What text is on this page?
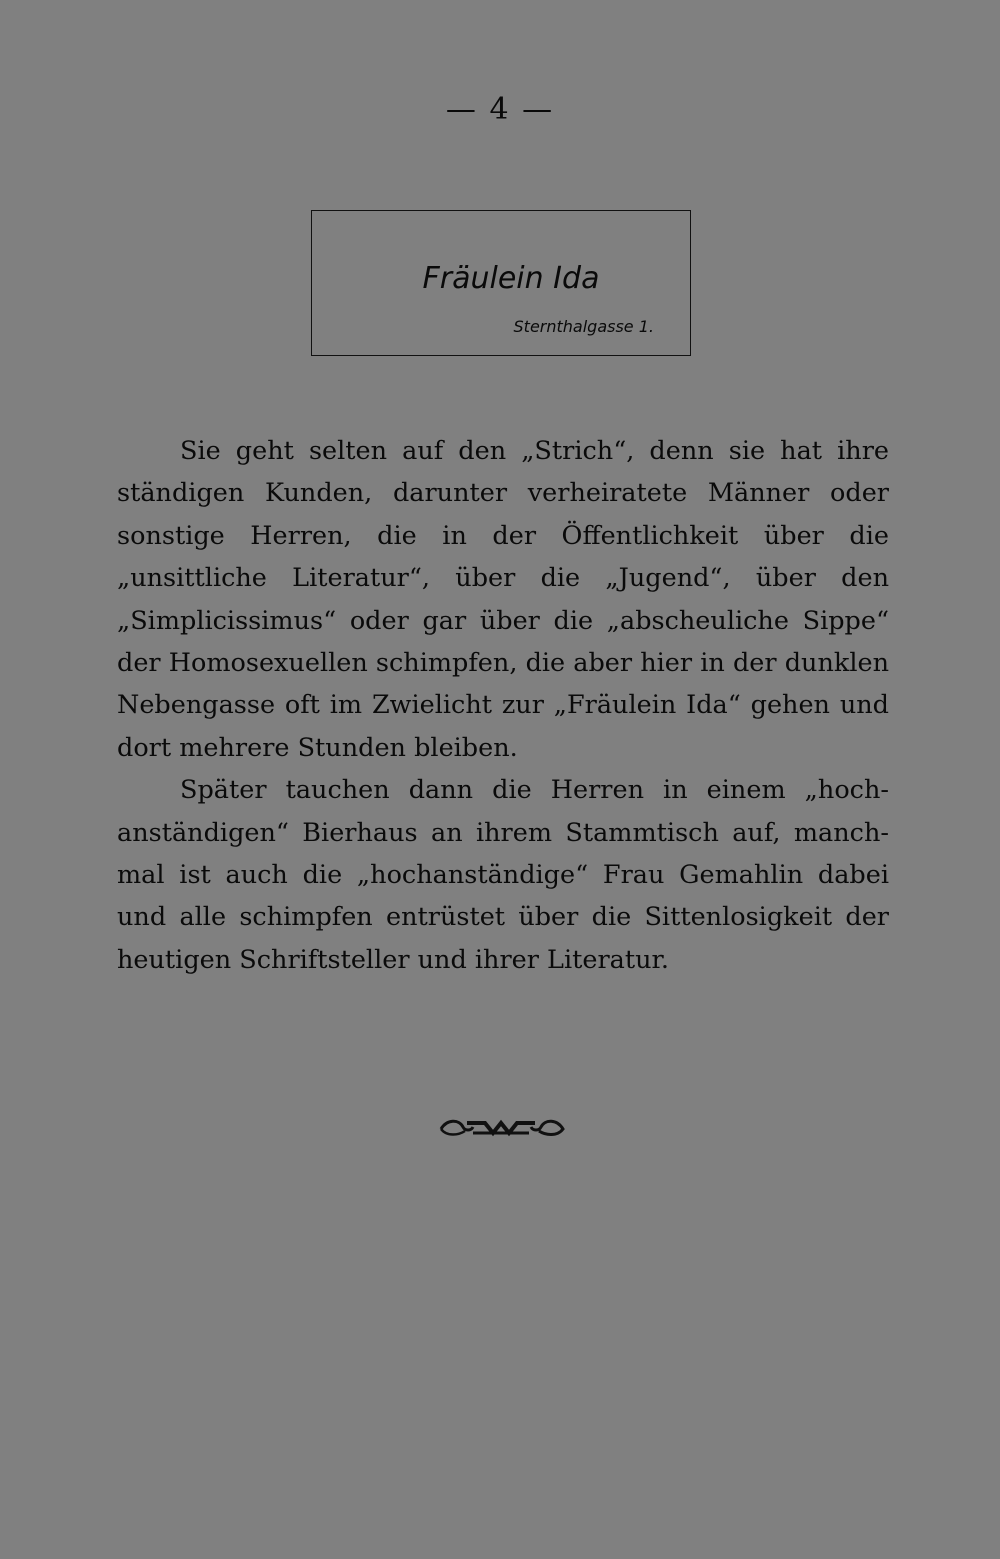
— 4 —
Fräulein Ida
Sternthalgasse 1.

Sie geht selten auf den „Strich“, denn sie hat ihre ständigen Kunden, darunter verheiratete Männer oder sonstige Herren, die in der Öffentlichkeit über die „unsittliche Literatur“, über die „Jugend“, über den „Simplicissimus“ oder gar über die „abscheuliche Sippe“ der Homosexuellen schimpfen, die aber hier in der dunklen Nebengasse oft im Zwielicht zur „Fräulein Ida“ gehen und dort mehrere Stunden bleiben.

Später tauchen dann die Herren in einem „hochanständigen“ Bierhaus an ihrem Stammtisch auf, manchmal ist auch die „hochanständige“ Frau Gemahlin dabei und alle schimpfen entrüstet über die Sittenlosigkeit der heutigen Schriftsteller und ihrer Literatur.
